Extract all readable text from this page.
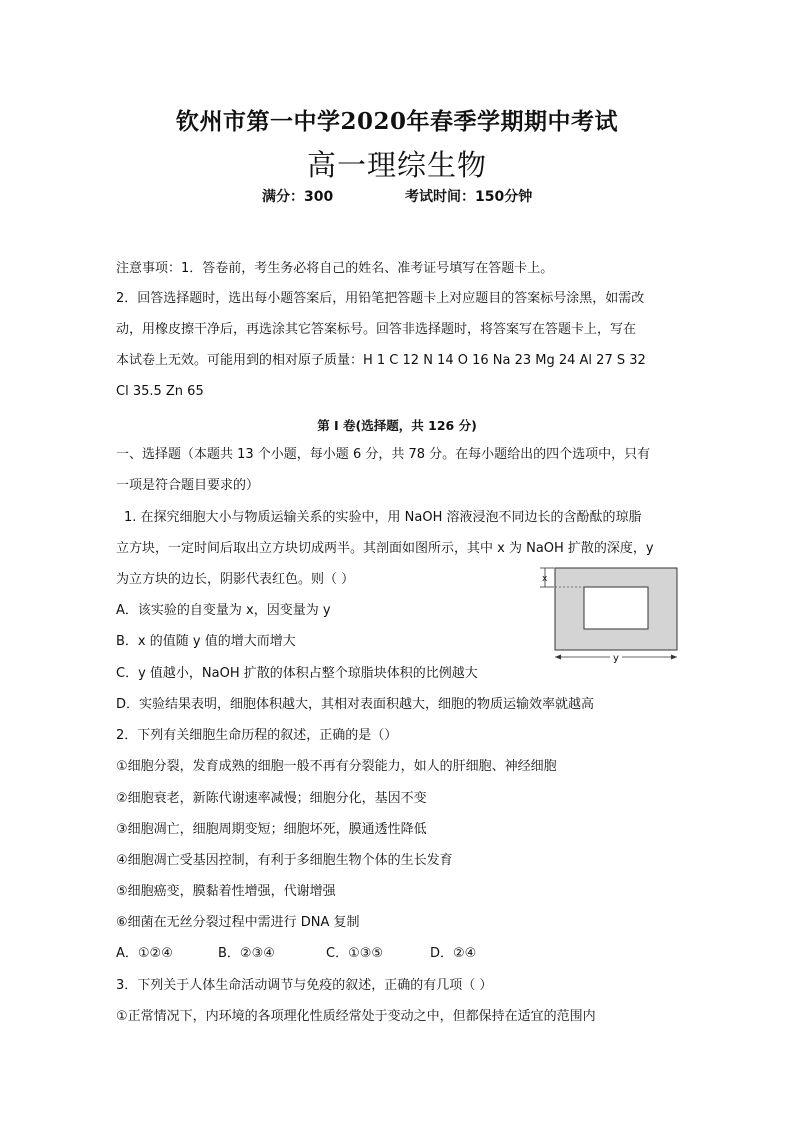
钦州市第一中学2020年春季学期期中考试
高一理综生物
满分：300	考试时间：150分钟
注意事项：1．答卷前，考生务必将自己的姓名、准考证号填写在答题卡上。
2．回答选择题时，选出每小题答案后，用铅笔把答题卡上对应题目的答案标号涂黑，如需改
动，用橡皮擦干净后，再选涂其它答案标号。回答非选择题时，将答案写在答题卡上，写在
本试卷上无效。可能用到的相对原子质量：H 1 C 12 N 14 O 16 Na 23 Mg 24 Al 27 S 32
Cl 35.5 Zn 65
第 I 卷(选择题，共 126 分)
一、选择题（本题共 13 个小题，每小题 6 分，共 78 分。在每小题给出的四个选项中，只有
一项是符合题目要求的）
1. 在探究细胞大小与物质运输关系的实验中，用 NaOH 溶液浸泡不同边长的含酚酞的琼脂
立方块，一定时间后取出立方块切成两半。其剖面如图所示，其中 x 为 NaOH 扩散的深度，y
为立方块的边长，阴影代表红色。则（ ）
A．该实验的自变量为 x，因变量为 y
B．x 的值随 y 值的增大而增大
C．y 值越小，NaOH 扩散的体积占整个琼脂块体积的比例越大
D．实验结果表明，细胞体积越大，其相对表面积越大，细胞的物质运输效率就越高
x
y
2．下列有关细胞生命历程的叙述，正确的是（）
①细胞分裂，发育成熟的细胞一般不再有分裂能力，如人的肝细胞、神经细胞
②细胞衰老，新陈代谢速率减慢；细胞分化，基因不变
③细胞凋亡，细胞周期变短；细胞坏死，膜通透性降低
④细胞凋亡受基因控制，有利于多细胞生物个体的生长发育
⑤细胞癌变，膜黏着性增强，代谢增强
⑥细菌在无丝分裂过程中需进行 DNA 复制
A．①②④	B．②③④	C．①③⑤	D．②④
3．下列关于人体生命活动调节与免疫的叙述，正确的有几项（ ）
①正常情况下，内环境的各项理化性质经常处于变动之中，但都保持在适宜的范围内
